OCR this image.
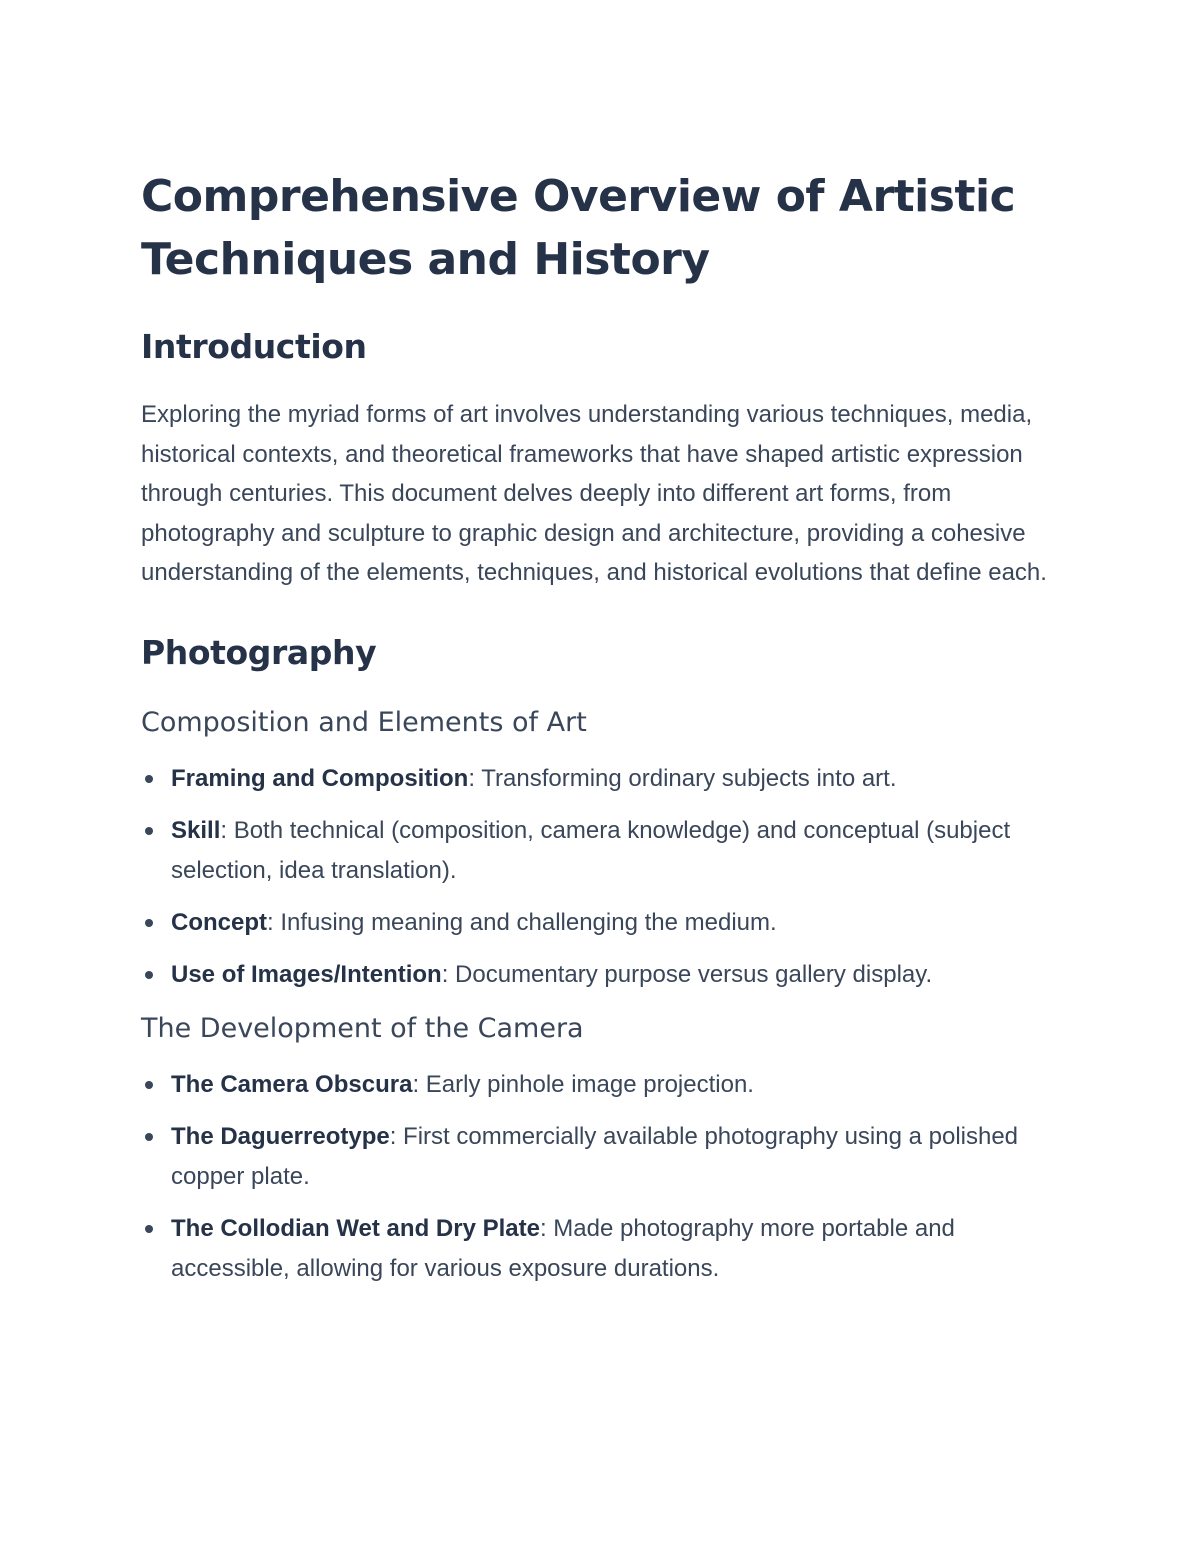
Comprehensive Overview of Artistic Techniques and History
Introduction

Exploring the myriad forms of art involves understanding various techniques, media, historical contexts, and theoretical frameworks that have shaped artistic expression through centuries. This document delves deeply into different art forms, from photography and sculpture to graphic design and architecture, providing a cohesive understanding of the elements, techniques, and historical evolutions that define each.

Photography
Composition and Elements of Art
Framing and Composition: Transforming ordinary subjects into art.
Skill: Both technical (composition, camera knowledge) and conceptual (subject selection, idea translation).
Concept: Infusing meaning and challenging the medium.
Use of Images/Intention: Documentary purpose versus gallery display.
The Development of the Camera
The Camera Obscura: Early pinhole image projection.
The Daguerreotype: First commercially available photography using a polished copper plate.
The Collodian Wet and Dry Plate: Made photography more portable and accessible, allowing for various exposure durations.
